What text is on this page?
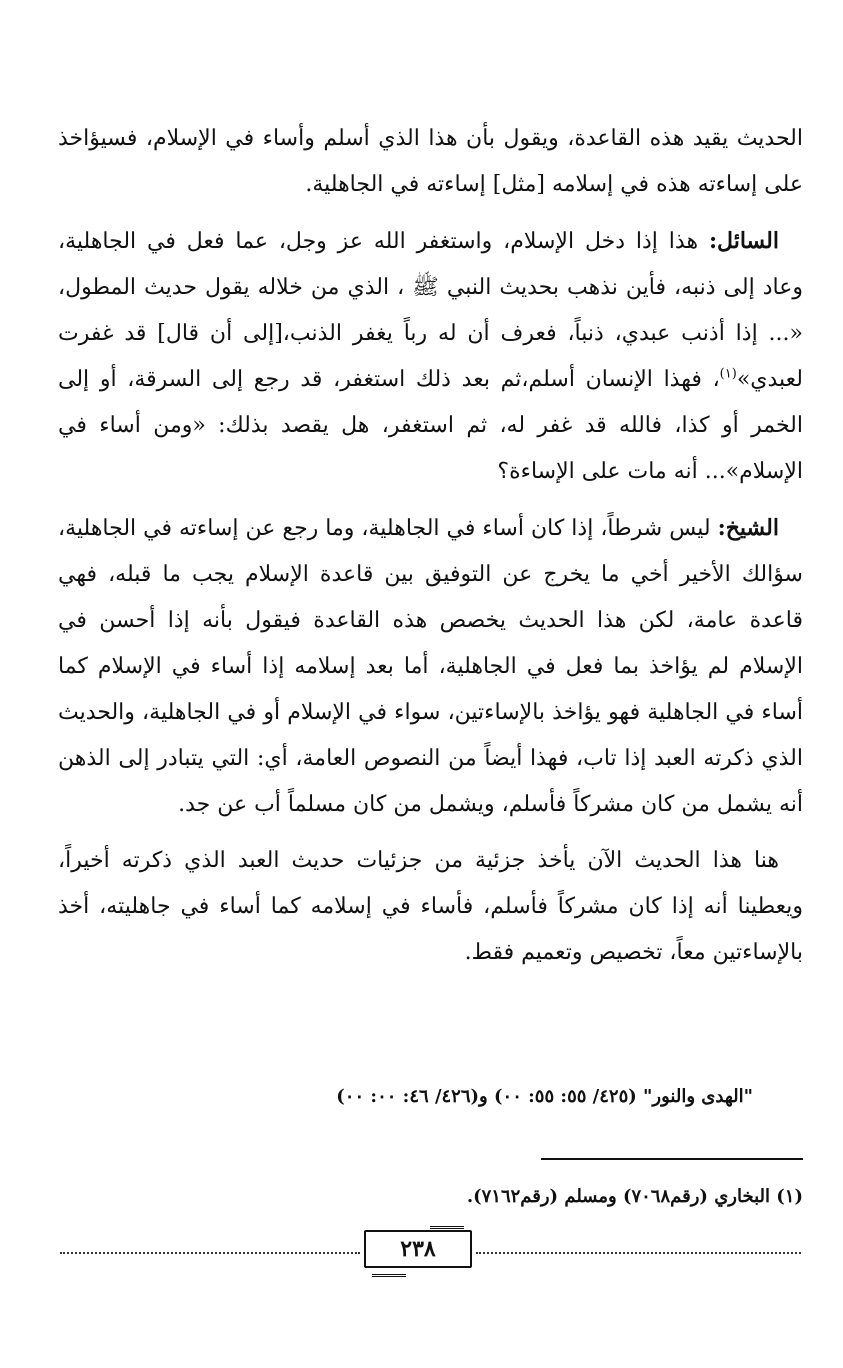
الحديث يقيد هذه القاعدة، ويقول بأن هذا الذي أسلم وأساء في الإسلام، فسيؤاخذ على إساءته هذه في إسلامه [مثل] إساءته في الجاهلية.

السائل: هذا إذا دخل الإسلام، واستغفر الله عز وجل، عما فعل في الجاهلية، وعاد إلى ذنبه، فأين نذهب بحديث النبي ﷺ ، الذي من خلاله يقول حديث المطول، «... إذا أذنب عبدي، ذنباً، فعرف أن له رباً يغفر الذنب،[إلى أن قال] قد غفرت لعبدي»$^{(١)}$، فهذا الإنسان أسلم،ثم بعد ذلك استغفر، قد رجع إلى السرقة، أو إلى الخمر أو كذا، فالله قد غفر له، ثم استغفر، هل يقصد بذلك: «ومن أساء في الإسلام»... أنه مات على الإساءة؟

الشيخ: ليس شرطاً، إذا كان أساء في الجاهلية، وما رجع عن إساءته في الجاهلية، سؤالك الأخير أخي ما يخرج عن التوفيق بين قاعدة الإسلام يجب ما قبله، فهي قاعدة عامة، لكن هذا الحديث يخصص هذه القاعدة فيقول بأنه إذا أحسن في الإسلام لم يؤاخذ بما فعل في الجاهلية، أما بعد إسلامه إذا أساء في الإسلام كما أساء في الجاهلية فهو يؤاخذ بالإساءتين، سواء في الإسلام أو في الجاهلية، والحديث الذي ذكرته العبد إذا تاب، فهذا أيضاً من النصوص العامة، أي: التي يتبادر إلى الذهن أنه يشمل من كان مشركاً فأسلم، ويشمل من كان مسلماً أب عن جد.

هنا هذا الحديث الآن يأخذ جزئية من جزئيات حديث العبد الذي ذكرته أخيراً، ويعطينا أنه إذا كان مشركاً فأسلم، فأساء في إسلامه كما أساء في جاهليته، أخذ بالإساءتين معاً، تخصيص وتعميم فقط.

"الهدى والنور" (٤٢٥/ ٥٥: ٥٥: ٠٠) و(٤٢٦/ ٤٦: ٠٠: ٠٠)
(١) البخاري (رقم٧٠٦٨) ومسلم (رقم٧١٦٢).
٢٣٨
